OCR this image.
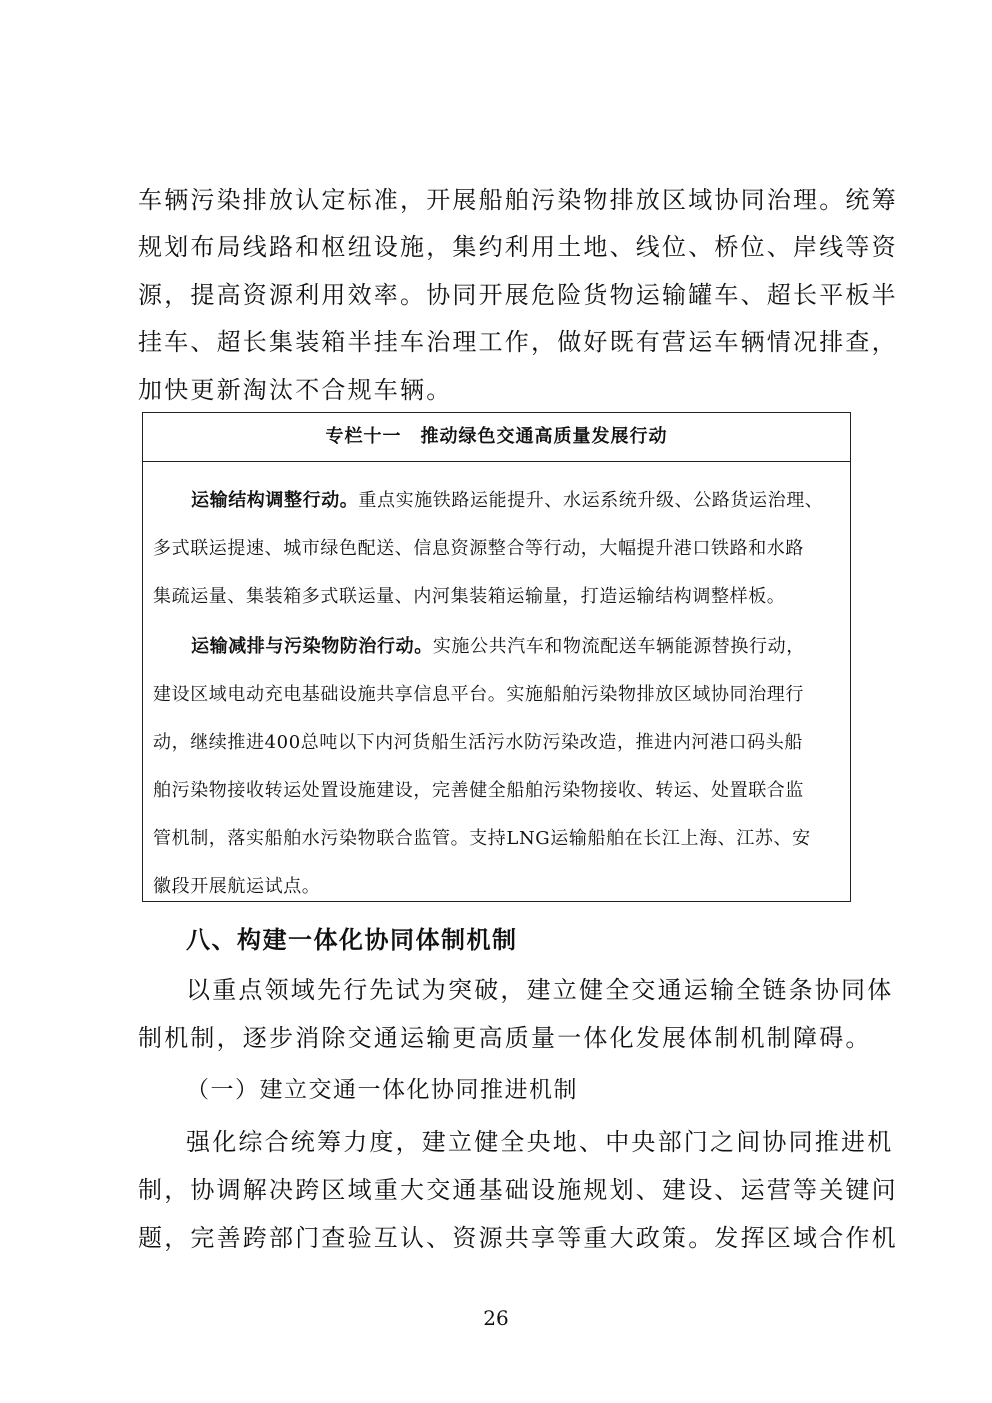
车辆污染排放认定标准，开展船舶污染物排放区域协同治理。统筹
规划布局线路和枢纽设施，集约利用土地、线位、桥位、岸线等资
源，提高资源利用效率。协同开展危险货物运输罐车、超长平板半
挂车、超长集装箱半挂车治理工作，做好既有营运车辆情况排查，
加快更新淘汰不合规车辆。
专栏十一　推动绿色交通高质量发展行动
运输结构调整行动。重点实施铁路运能提升、水运系统升级、公路货运治理、
多式联运提速、城市绿色配送、信息资源整合等行动，大幅提升港口铁路和水路
集疏运量、集装箱多式联运量、内河集装箱运输量，打造运输结构调整样板。
运输减排与污染物防治行动。实施公共汽车和物流配送车辆能源替换行动，
建设区域电动充电基础设施共享信息平台。实施船舶污染物排放区域协同治理行
动，继续推进400总吨以下内河货船生活污水防污染改造，推进内河港口码头船
舶污染物接收转运处置设施建设，完善健全船舶污染物接收、转运、处置联合监
管机制，落实船舶水污染物联合监管。支持LNG运输船舶在长江上海、江苏、安
徽段开展航运试点。
八、构建一体化协同体制机制
以重点领域先行先试为突破，建立健全交通运输全链条协同体
制机制，逐步消除交通运输更高质量一体化发展体制机制障碍。
（一）建立交通一体化协同推进机制
强化综合统筹力度，建立健全央地、中央部门之间协同推进机
制，协调解决跨区域重大交通基础设施规划、建设、运营等关键问
题，完善跨部门查验互认、资源共享等重大政策。发挥区域合作机
26
